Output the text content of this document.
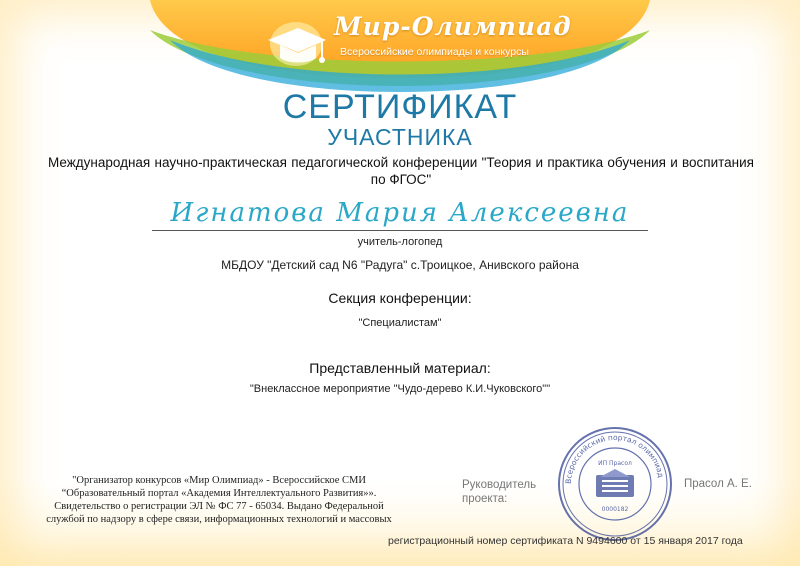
Мир-Олимпиад
Всероссийские олимпиады и конкурсы
СЕРТИФИКАТ
УЧАСТНИКА
Международная научно-практическая педагогической конференции "Теория и практика обучения и воспитания по ФГОС"
Игнатова Мария Алексеевна
учитель-логопед
МБДОУ "Детский сад N6 "Радуга" с.Троицкое, Анивского района
Секция конференции:
"Специалистам"
Представленный материал:
"Внеклассное мероприятие "Чудо-дерево К.И.Чуковского""
"Организатор конкурсов «Мир Олимпиад» - Всероссийское СМИ “Образовательный портал «Академия Интеллектуального Развития»». Свидетельство о регистрации ЭЛ № ФС 77 - 65034. Выдано Федеральной службой по надзору в сфере связи, информационных технологий и массовых
Руководитель проекта:
Всероссийский портал олимпиад
ИП Прасол
0000182
Прасол А. Е.
регистрационный номер сертификата N 9494600 от 15 января 2017 года
